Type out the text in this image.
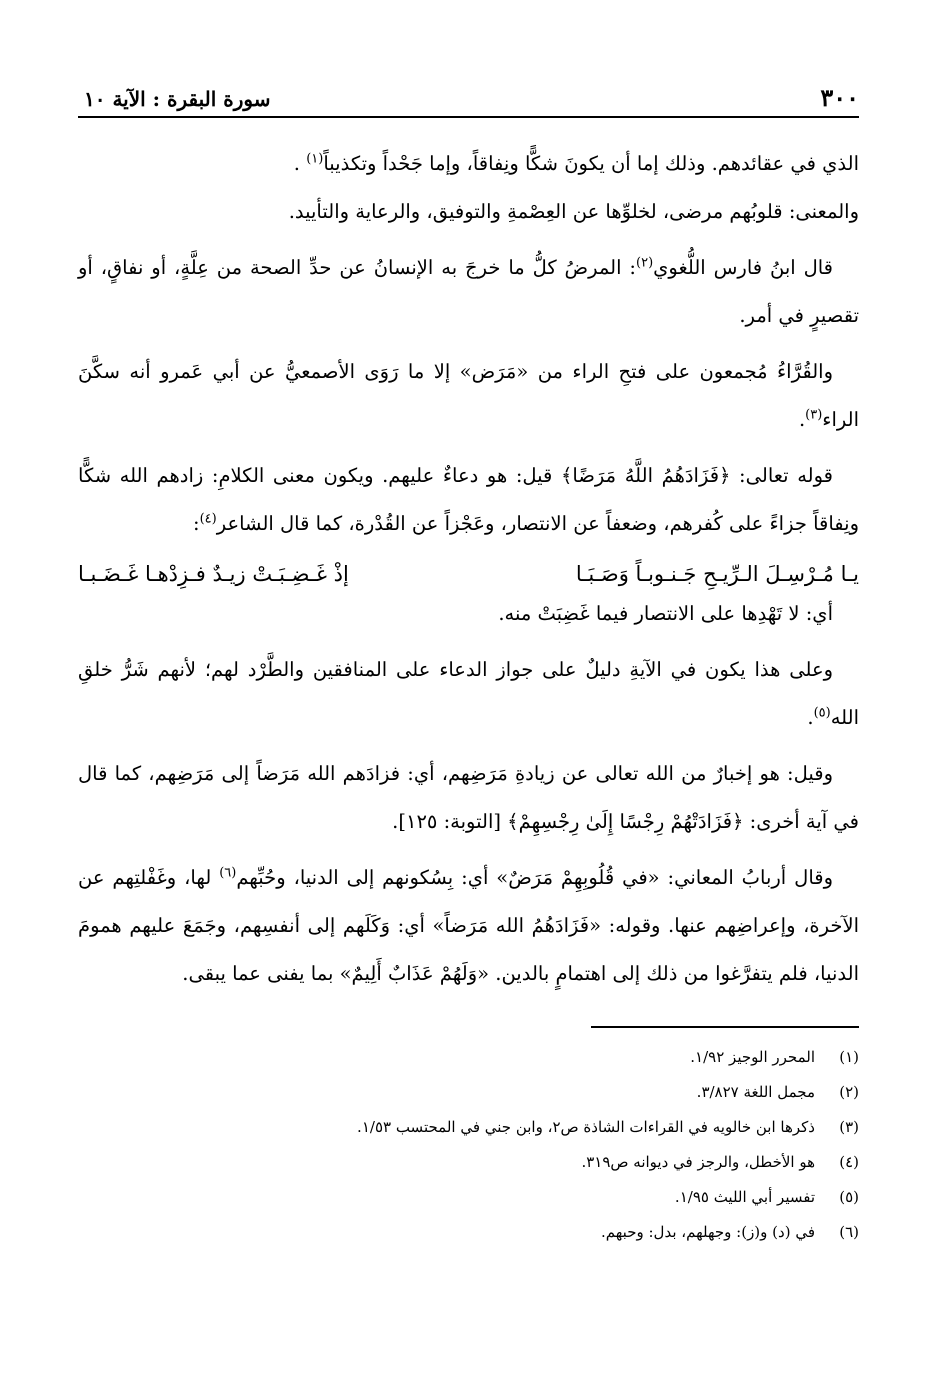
٣٠٠
سورة البقرة : الآية ١٠

الذي في عقائدهم. وذلك إما أن يكونَ شكًّا ونِفاقاً، وإما جَحْداً وتكذيباً$^{(١)}$ .

والمعنى: قلوبُهم مرضى، لخلوِّها عن العِصْمةِ والتوفيق، والرعاية والتأييد.

قال ابنُ فارس اللُّغوي$^{(٢)}$: المرضُ كلُّ ما خرجَ به الإنسانُ عن حدِّ الصحة من عِلَّةٍ، أو نفاقٍ، أو تقصيرٍ في أمر.

والقُرَّاءُ مُجمعون على فتحِ الراء من «مَرَض» إلا ما رَوَى الأصمعيُّ عن أبي عَمرو أنه سكَّنَ الراء$^{(٣)}$.

قوله تعالى: ﴿فَزَادَهُمُ اللَّهُ مَرَضًا﴾ قيل: هو دعاءٌ عليهم. ويكون معنى الكلامِ: زادهم الله شكًّا ونِفاقاً جزاءً على كُفرهم، وضعفاً عن الانتصار، وعَجْزاً عن القُدْرة، كما قال الشاعر$^{(٤)}$:

يـا مُـرْسِـلَ الـرِّيـحِ جَـنـوبـاً وَصَـبَـا
إذْ غَـضِـبَـتْ زيـدٌ فـزِدْهـا غَـضَـبـا

أي: لا تَهْدِها على الانتصار فيما غَضِبَتْ منه.

وعلى هذا يكون في الآيةِ دليلٌ على جواز الدعاء على المنافقين والطَّرْد لهم؛ لأنهم شَرُّ خلقِ الله$^{(٥)}$.

وقيل: هو إخبارٌ من الله تعالى عن زيادةِ مَرَضِهم، أي: فزادَهم الله مَرَضاً إلى مَرَضِهم، كما قال في آية أخرى: ﴿فَزَادَتْهُمْ رِجْسًا إِلَىٰ رِجْسِهِمْ﴾ [التوبة: ١٢٥].

وقال أربابُ المعاني: «في قُلُوبِهِمْ مَرَضٌ» أي: بِسُكونهم إلى الدنيا، وحُبِّهم$^{(٦)}$ لها، وغَفْلتِهم عن الآخرة، وإعراضِهم عنها. وقوله: «فَزَادَهُمُ الله مَرَضاً» أي: وَكَلَهم إلى أنفسِهم، وجَمَعَ عليهم همومَ الدنيا، فلم يتفرَّغوا من ذلك إلى اهتمامٍ بالدين. «وَلَهُمْ عَذَابٌ أَلِيمٌ» بما يفنى عما يبقى.

(١)
المحرر الوجيز ١/٩٢.
(٢)
مجمل اللغة ٣/٨٢٧.
(٣)
ذكرها ابن خالويه في القراءات الشاذة ص٢، وابن جني في المحتسب ١/٥٣.
(٤)
هو الأخطل، والرجز في ديوانه ص٣١٩.
(٥)
تفسير أبي الليث ١/٩٥.
(٦)
في (د) و(ز): وجهلهم، بدل: وحبهم.
